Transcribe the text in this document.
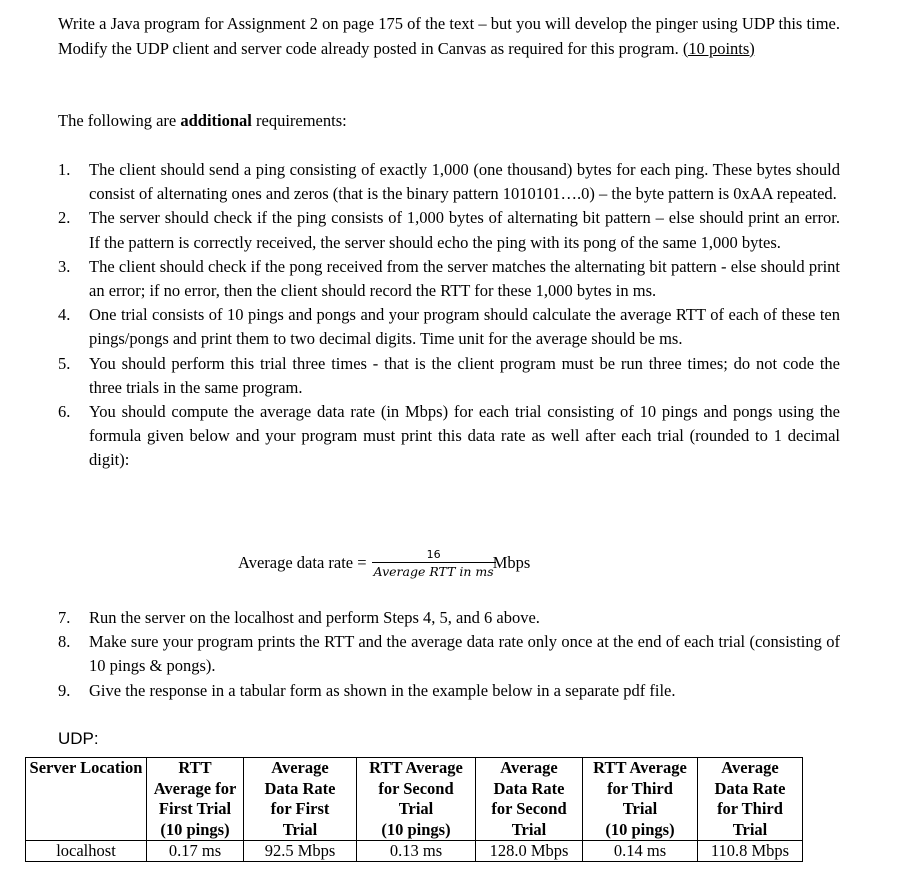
Write a Java program for Assignment 2 on page 175 of the text – but you will develop the pinger using UDP this time. Modify the UDP client and server code already posted in Canvas as required for this program. (10 points)

The following are additional requirements:

1. The client should send a ping consisting of exactly 1,000 (one thousand) bytes for each ping. These bytes should consist of alternating ones and zeros (that is the binary pattern 1010101….0) – the byte pattern is 0xAA repeated.
2. The server should check if the ping consists of 1,000 bytes of alternating bit pattern – else should print an error. If the pattern is correctly received, the server should echo the ping with its pong of the same 1,000 bytes.
3. The client should check if the pong received from the server matches the alternating bit pattern - else should print an error; if no error, then the client should record the RTT for these 1,000 bytes in ms.
4. One trial consists of 10 pings and pongs and your program should calculate the average RTT of each of these ten pings/pongs and print them to two decimal digits. Time unit for the average should be ms.
5. You should perform this trial three times - that is the client program must be run three times; do not code the three trials in the same program.
6. You should compute the average data rate (in Mbps) for each trial consisting of 10 pings and pongs using the formula given below and your program must print this data rate as well after each trial (rounded to 1 decimal digit):
Average data rate = $\frac{16}{\text{Average RTT in ms}}$
Mbps
7. Run the server on the localhost and perform Steps 4, 5, and 6 above.
8. Make sure your program prints the RTT and the average data rate only once at the end of each trial (consisting of 10 pings & pongs).
9. Give the response in a tabular form as shown in the example below in a separate pdf file.
UDP:
Server Location	RTT
Average for
First Trial
(10 pings)	Average
Data Rate
for First
Trial	RTT Average
for Second
Trial
(10 pings)	Average
Data Rate
for Second
Trial	RTT Average
for Third
Trial
(10 pings)	Average
Data Rate
for Third
Trial
localhost	0.17 ms	92.5 Mbps	0.13 ms	128.0 Mbps	0.14 ms	110.8 Mbps
